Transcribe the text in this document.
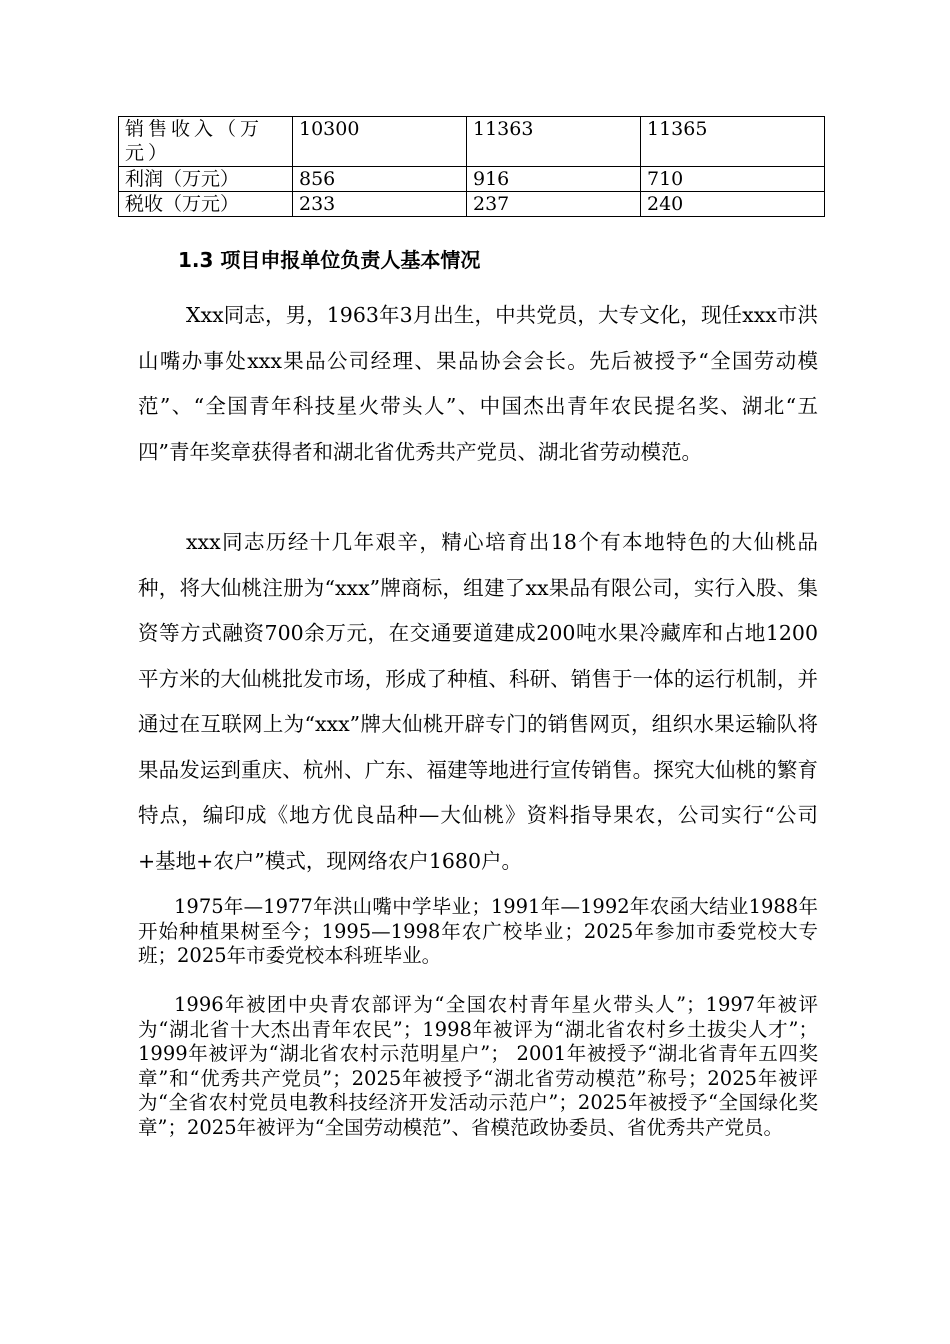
销售收入（万元）	10300	11363	11365
利润（万元）	856	916	710
税收（万元）	233	237	240
1.3 项目申报单位负责人基本情况

Xxx同志，男，1963年3月出生，中共党员，大专文化，现任xxx市洪山嘴办事处xxx果品公司经理、果品协会会长。先后被授予“全国劳动模范”、“全国青年科技星火带头人”、中国杰出青年农民提名奖、湖北“五四”青年奖章获得者和湖北省优秀共产党员、湖北省劳动模范。

xxx同志历经十几年艰辛，精心培育出18个有本地特色的大仙桃品种，将大仙桃注册为“xxx”牌商标，组建了xx果品有限公司，实行入股、集资等方式融资700余万元，在交通要道建成200吨水果冷藏库和占地1200平方米的大仙桃批发市场，形成了种植、科研、销售于一体的运行机制，并通过在互联网上为“xxx”牌大仙桃开辟专门的销售网页，组织水果运输队将果品发运到重庆、杭州、广东、福建等地进行宣传销售。探究大仙桃的繁育特点，编印成《地方优良品种—大仙桃》资料指导果农，公司实行“公司+基地+农户”模式，现网络农户1680户。

1975年—1977年洪山嘴中学毕业；1991年—1992年农函大结业1988年开始种植果树至今；1995—1998年农广校毕业；2025年参加市委党校大专班；2025年市委党校本科班毕业。

1996年被团中央青农部评为“全国农村青年星火带头人”；1997年被评为“湖北省十大杰出青年农民”；1998年被评为“湖北省农村乡土拔尖人才”；1999年被评为“湖北省农村示范明星户”； 2001年被授予“湖北省青年五四奖章”和“优秀共产党员”；2025年被授予“湖北省劳动模范”称号；2025年被评为“全省农村党员电教科技经济开发活动示范户”；2025年被授予“全国绿化奖章”；2025年被评为“全国劳动模范”、省模范政协委员、省优秀共产党员。
